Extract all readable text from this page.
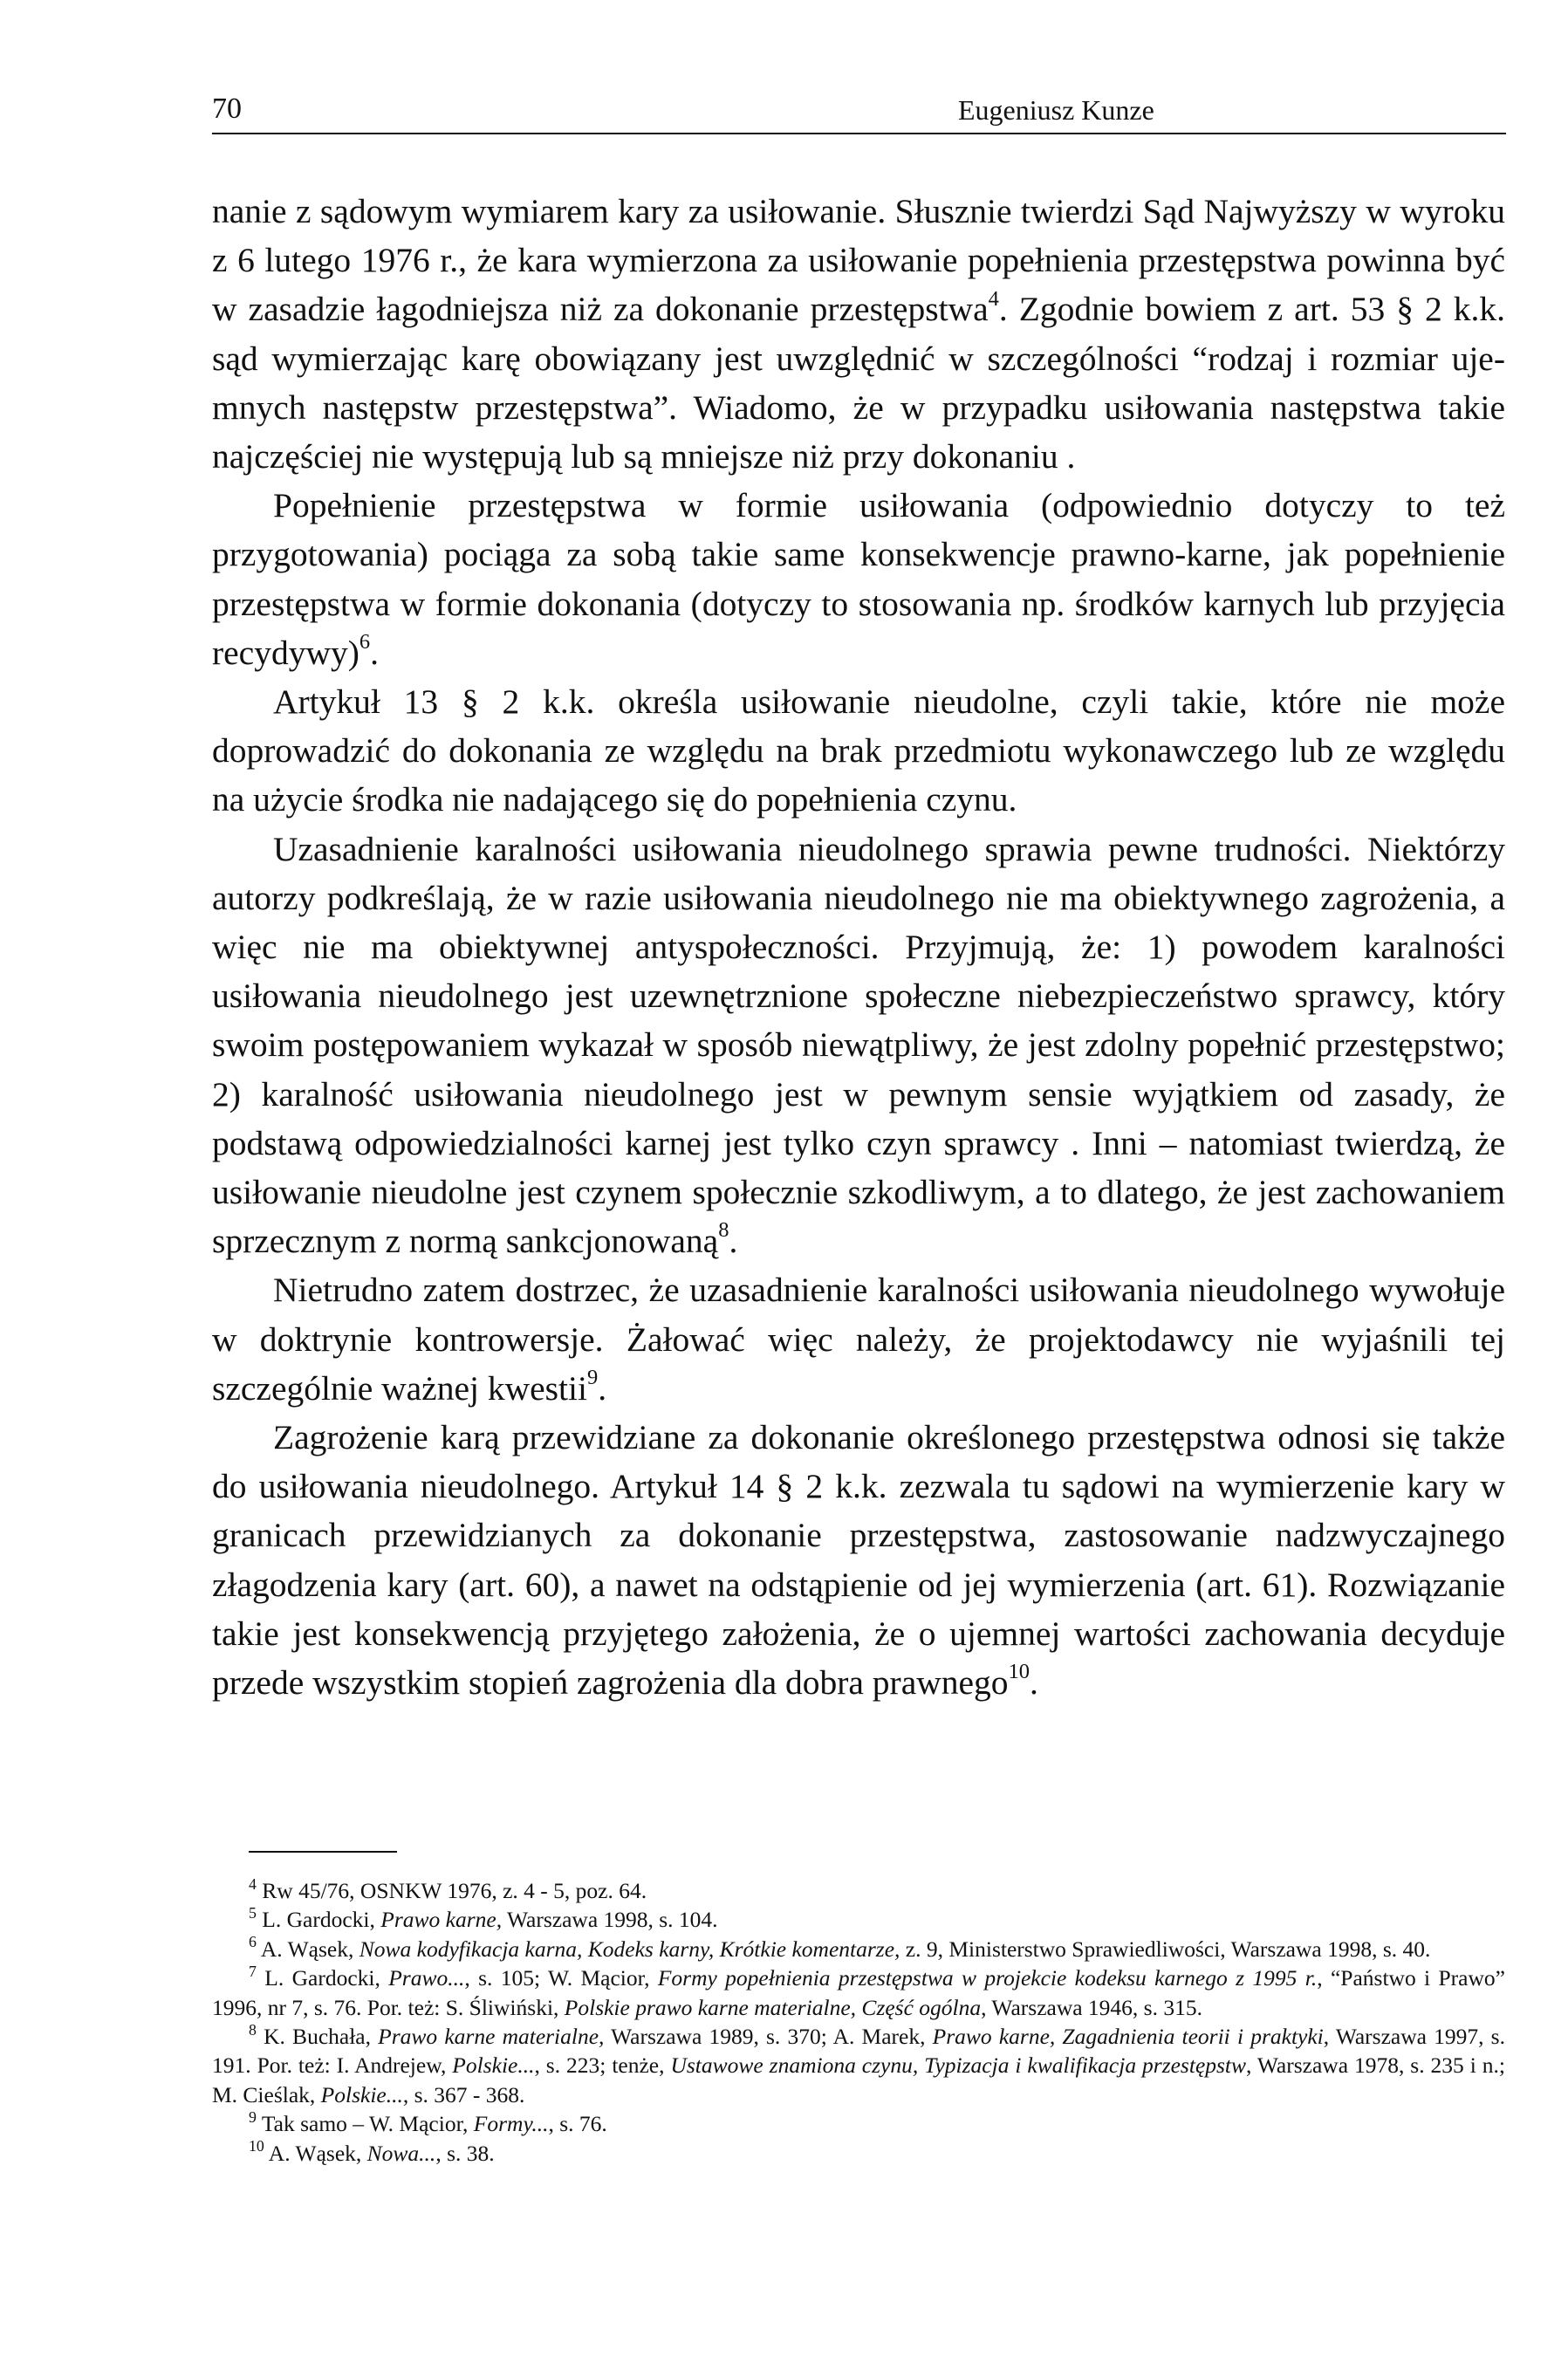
70	Eugeniusz Kunze

nanie z sądowym wymiarem kary za usiłowanie. Słusznie twierdzi Sąd Najwyższy w wyroku z 6 lutego 1976 r., że kara wymierzona za usiłowanie popełnienia przestępstwa powinna być w zasadzie łagodniejsza niż za dokonanie przestępstwa$^4$. Zgodnie bowiem z art. 53 § 2 k.k. sąd wymierzając karę obowiązany jest uwzględnić w szczególności “rodzaj i rozmiar ujemnych następstw przestępstwa”. Wiadomo, że w przypadku usiłowania następstwa takie najczęściej nie występują lub są mniejsze niż przy dokonaniu .

Popełnienie przestępstwa w formie usiłowania (odpowiednio dotyczy to też przygotowania) pociąga za sobą takie same konsekwencje prawno-karne, jak popełnienie przestępstwa w formie dokonania (dotyczy to stosowania np. środków karnych lub przyjęcia recydywy)$^6$.

Artykuł 13 § 2 k.k. określa usiłowanie nieudolne, czyli takie, które nie może doprowadzić do dokonania ze względu na brak przedmiotu wykonawczego lub ze względu na użycie środka nie nadającego się do popełnienia czynu.

Uzasadnienie karalności usiłowania nieudolnego sprawia pewne trudności. Niektórzy autorzy podkreślają, że w razie usiłowania nieudolnego nie ma obiektywnego zagrożenia, a więc nie ma obiektywnej antyspołeczności. Przyjmują, że: 1) powodem karalności usiłowania nieudolnego jest uzewnętrznione społeczne niebezpieczeństwo sprawcy, który swoim postępowaniem wykazał w sposób niewątpliwy, że jest zdolny popełnić przestępstwo; 2) karalność usiłowania nieudolnego jest w pewnym sensie wyjątkiem od zasady, że podstawą odpowiedzialności karnej jest tylko czyn sprawcy . Inni – natomiast twierdzą, że usiłowanie nieudolne jest czynem społecznie szkodliwym, a to dlatego, że jest zachowaniem sprzecznym z normą sankcjonowaną$^8$.

Nietrudno zatem dostrzec, że uzasadnienie karalności usiłowania nieudolnego wywołuje w doktrynie kontrowersje. Żałować więc należy, że projektodawcy nie wyjaśnili tej szczególnie ważnej kwestii$^9$.

Zagrożenie karą przewidziane za dokonanie określonego przestępstwa odnosi się także do usiłowania nieudolnego. Artykuł 14 § 2 k.k. zezwala tu sądowi na wymierzenie kary w granicach przewidzianych za dokonanie przestępstwa, zastosowanie nadzwyczajnego złagodzenia kary (art. 60), a nawet na odstąpienie od jej wymierzenia (art. 61). Rozwiązanie takie jest konsekwencją przyjętego założenia, że o ujemnej wartości zachowania decyduje przede wszystkim stopień zagrożenia dla dobra prawnego$^{10}$.

$^4$ Rw 45/76, OSNKW 1976, z. 4 - 5, poz. 64.

$^5$ L. Gardocki, Prawo karne, Warszawa 1998, s. 104.

$^6$ A. Wąsek, Nowa kodyfikacja karna, Kodeks karny, Krótkie komentarze, z. 9, Ministerstwo Sprawiedliwości, Warszawa 1998, s. 40.

$^7$ L. Gardocki, Prawo..., s. 105; W. Mącior, Formy popełnienia przestępstwa w projekcie kodeksu karnego z 1995 r., “Państwo i Prawo” 1996, nr 7, s. 76. Por. też: S. Śliwiński, Polskie prawo karne materialne, Część ogólna, Warszawa 1946, s. 315.

$^8$ K. Buchała, Prawo karne materialne, Warszawa 1989, s. 370; A. Marek, Prawo karne, Zagadnienia teorii i praktyki, Warszawa 1997, s. 191. Por. też: I. Andrejew, Polskie..., s. 223; tenże, Ustawowe znamiona czynu, Typizacja i kwalifikacja przestępstw, Warszawa 1978, s. 235 i n.; M. Cieślak, Polskie..., s. 367 - 368.

$^9$ Tak samo – W. Mącior, Formy..., s. 76.

$^{10}$ A. Wąsek, Nowa..., s. 38.
